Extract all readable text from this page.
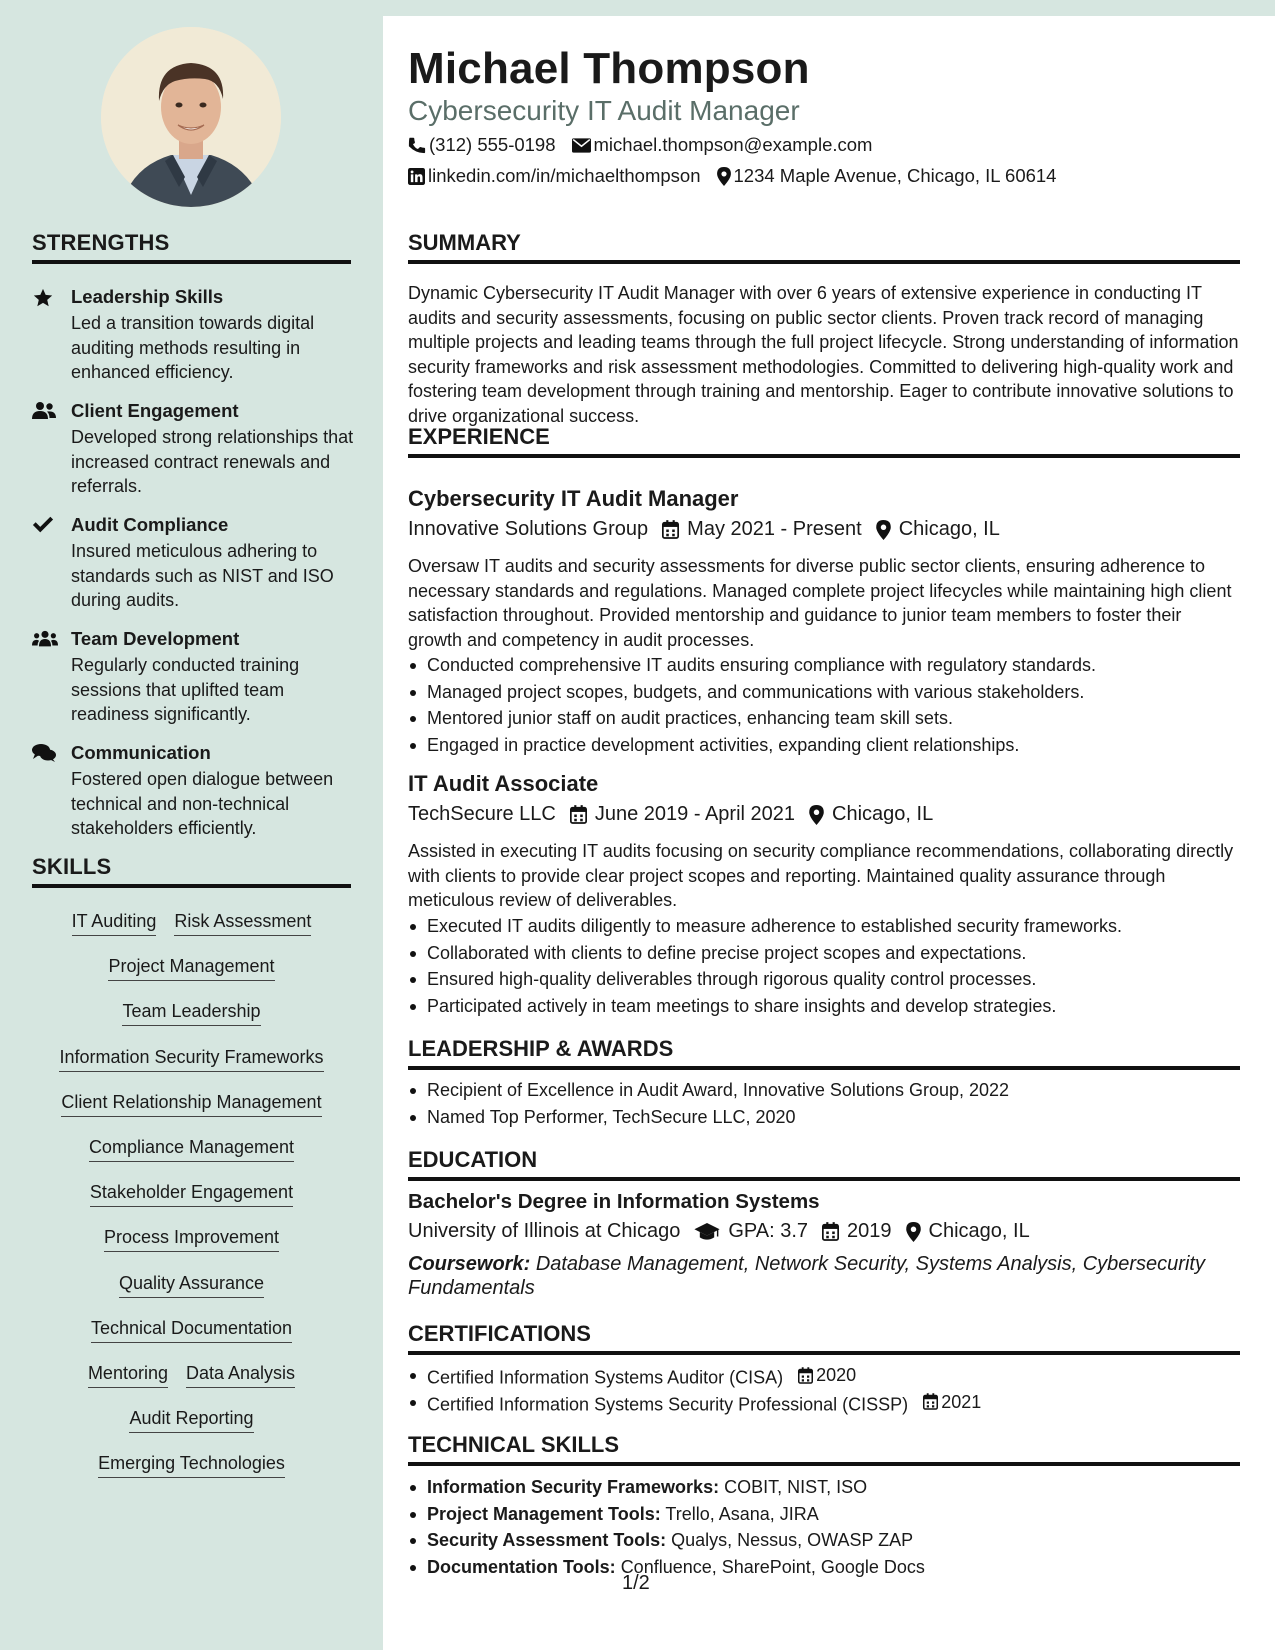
STRENGTHS
Leadership Skills
Led a transition towards digital auditing methods resulting in enhanced efficiency.
Client Engagement
Developed strong relationships that increased contract renewals and referrals.
Audit Compliance
Insured meticulous adhering to standards such as NIST and ISO during audits.
Team Development
Regularly conducted training sessions that uplifted team readiness significantly.
Communication
Fostered open dialogue between technical and non-technical stakeholders efficiently.
SKILLS
IT Auditing Risk Assessment
Project Management
Team Leadership
Information Security Frameworks
Client Relationship Management
Compliance Management
Stakeholder Engagement
Process Improvement
Quality Assurance
Technical Documentation
Mentoring Data Analysis
Audit Reporting
Emerging Technologies
Michael Thompson
Cybersecurity IT Audit Manager
(312) 555-0198 michael.thompson@example.com
linkedin.com/in/michaelthompson 1234 Maple Avenue, Chicago, IL 60614
SUMMARY
Dynamic Cybersecurity IT Audit Manager with over 6 years of extensive experience in conducting IT audits and security assessments, focusing on public sector clients. Proven track record of managing multiple projects and leading teams through the full project lifecycle. Strong understanding of information security frameworks and risk assessment methodologies. Committed to delivering high-quality work and fostering team development through training and mentorship. Eager to contribute innovative solutions to drive organizational success.
EXPERIENCE
Cybersecurity IT Audit Manager
Innovative Solutions Group May 2021 - Present Chicago, IL
Oversaw IT audits and security assessments for diverse public sector clients, ensuring adherence to necessary standards and regulations. Managed complete project lifecycles while maintaining high client satisfaction throughout. Provided mentorship and guidance to junior team members to foster their growth and competency in audit processes.
Conducted comprehensive IT audits ensuring compliance with regulatory standards.
Managed project scopes, budgets, and communications with various stakeholders.
Mentored junior staff on audit practices, enhancing team skill sets.
Engaged in practice development activities, expanding client relationships.
IT Audit Associate
TechSecure LLC June 2019 - April 2021 Chicago, IL
Assisted in executing IT audits focusing on security compliance recommendations, collaborating directly with clients to provide clear project scopes and reporting. Maintained quality assurance through meticulous review of deliverables.
Executed IT audits diligently to measure adherence to established security frameworks.
Collaborated with clients to define precise project scopes and expectations.
Ensured high-quality deliverables through rigorous quality control processes.
Participated actively in team meetings to share insights and develop strategies.
LEADERSHIP & AWARDS
Recipient of Excellence in Audit Award, Innovative Solutions Group, 2022
Named Top Performer, TechSecure LLC, 2020
EDUCATION
Bachelor's Degree in Information Systems
University of Illinois at Chicago GPA: 3.7 2019 Chicago, IL
Coursework: Database Management, Network Security, Systems Analysis, Cybersecurity Fundamentals
CERTIFICATIONS
Certified Information Systems Auditor (CISA) 2020
Certified Information Systems Security Professional (CISSP) 2021
TECHNICAL SKILLS
Information Security Frameworks: COBIT, NIST, ISO
Project Management Tools: Trello, Asana, JIRA
Security Assessment Tools: Qualys, Nessus, OWASP ZAP
Documentation Tools: Confluence, SharePoint, Google Docs
1/2
